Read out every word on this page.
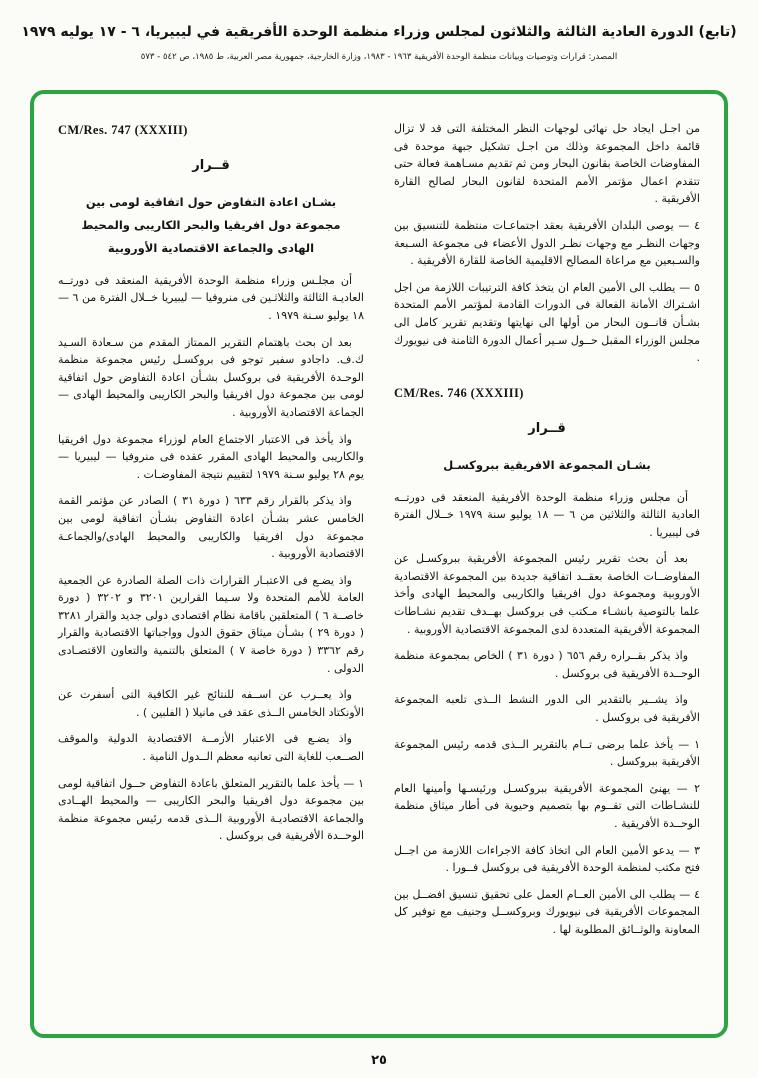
(تابع) الدورة العادية الثالثة والثلاثون لمجلس وزراء منظمة الوحدة الأفريقية في ليبيريا، ٦ - ١٧ يوليه ١٩٧٩
المصدر: قرارات وتوصيات وبيانات منظمة الوحدة الأفريقية ١٩٦٣ - ١٩٨٣، وزارة الخارجية، جمهورية مصر العربية، ط ١٩٨٥، ص ٥٤٢ - ٥٧٣

من اجـل ايجاد حل نهائى لوجهات النظر المختلفة التى قد لا تزال قائمة داخل المجموعة وذلك من اجـل تشكيل جبهة موحدة فى المفاوضات الخاصة بقانون البحار ومن ثم تقديم مسـاهمة فعالة حتى تتقدم اعمال مؤتمر الأمم المتحدة لقانون البحار لصالح القارة الأفريقية .

٤ — يوصى البلدان الأفريقية بعقد اجتماعـات منتظمة للتنسيق بين وجهات النظـر مع وجهات نظـر الدول الأعضاء فى مجموعة السـبعة والسـبعين مع مراعاة المصالح الاقليمية الخاصة للقارة الأفريقية .

٥ — يطلب الى الأمين العام ان يتخذ كافة الترتيبات اللازمة من اجل اشـتراك الأمانة الفعالة فى الدورات القادمة لمؤتمر الأمم المتحدة بشـأن قانــون البحار من أولها الى نهايتها وتقديم تقرير كامل الى مجلس الوزراء المقبل حــول سـير أعمال الدورة الثامنة فى نيويورك .

CM/Res. 746 (XXXIII)
قــرار
بشـان المجموعة الافريقية ببروكسـل

أن مجلس وزراء منظمة الوحدة الأفريقية المنعقد فى دورتــه العادية الثالثة والثلاثين من ٦ — ١٨ يوليو سنة ١٩٧٩ خــلال الفترة فى ليبيريا .

بعد أن بحث تقرير رئيس المجموعة الأفريقية ببروكسـل عن المفاوضــات الخاصة بعقــد اتفاقية جديدة بين المجموعة الاقتصادية الأوروبية ومجموعة دول افريقيا والكاريبى والمحيط الهادى وأخذ علما بالتوصية بانشـاء مـكتب فى بروكسل بهــدف تقديم نشـاطات المجموعة الأفريقية المتعددة لدى المجموعة الاقتصادية الأوروبية .

واذ يذكر بقــراره رقم ٦٥٦ ( دورة ٣١ ) الخاص بمجموعة منظمة الوحــدة الأفريقية فى بروكسل .

واذ يشــير بالتقدير الى الدور النشط الــذى تلعبه المجموعة الأفريقية فى بروكسل .

١ — يأخذ علما برضى تــام بالتقرير الــذى قدمه رئيس المجموعة الأفريقية ببروكسل .

٢ — يهنئ المجموعة الأفريقية ببروكسـل ورئيسـها وأمينها العام للنشـاطات التى تقــوم بها بتصميم وحيوية فى أطار ميثاق منظمة الوحــدة الأفريقية .

٣ — يدعو الأمين العام الى اتخاذ كافة الاجراءات اللازمة من اجــل فتح مكتب لمنظمة الوحدة الأفريقية فى بروكسل فــورا .

٤ — يطلب الى الأمين العــام العمل على تحقيق تنسيق افضــل بين المجموعات الأفريقية فى نيويورك وبروكســل وجنيف مع توفير كل المعاونة والوثــائق المطلوبة لها .

CM/Res. 747 (XXXIII)
قــرار
بشـان اعادة التفاوض حول اتفاقية لومى بين مجموعة دول افريقيا والبحر الكاريبى والمحيط الهادى والجماعة الاقتصادية الأوروبية

أن مجلـس وزراء منظمة الوحدة الأفريقية المنعقد فى دورتــه العاديـة الثالثة والثلاثـين فى منروفيا — ليبيريا خــلال الفترة من ٦ — ١٨ يوليو سـنة ١٩٧٩ .

بعد ان بحث باهتمام التقرير الممتاز المقدم من سـعادة السـيد ك.ف. داجادو سفير توجو فى بروكسـل رئيس مجموعة منظمة الوحـدة الأفريقية فى بروكسل بشـأن اعادة التفاوض حول اتفاقية لومى بين مجموعة دول افريقيا والبحر الكاريبى والمحيط الهادى — الجماعة الاقتصادية الأوروبية .

واذ يأخذ فى الاعتبار الاجتماع العام لوزراء مجموعة دول افريقيا والكاريبى والمحيط الهادى المقرر عقده فى منروفيا — ليبيريا — يوم ٢٨ يوليو سـنة ١٩٧٩ لتقييم نتيجة المفاوضـات .

واذ يذكر بالقرار رقم ٦٣٣ ( دورة ٣١ ) الصادر عن مؤتمر القمة الخامس عشر بشـأن اعادة التفاوض بشـأن اتفاقية لومى بين مجموعة دول افريقيا والكاريبى والمحيط الهادى/والجماعـة الاقتصادية الأوروبية .

واذ يضـع فى الاعتبـار القرارات ذات الصلة الصادرة عن الجمعية العامة للأمم المتحدة ولا سـيما القرارين ٣٢٠١ و ٣٢٠٢ ( دورة خاصــة ٦ ) المتعلقين باقامة نظام اقتصادى دولى جديد والقرار ٣٢٨١ ( دورة ٢٩ ) بشـأن ميثاق حقوق الدول وواجباتها الاقتصادية والقرار رقم ٣٣٦٢ ( دورة خاصة ٧ ) المتعلق بالتنمية والتعاون الاقتصـادى الدولى .

واذ يعــرب عن اســفه للنتائج غير الكافية التى أسفرت عن الأونكتاد الخامس الــذى عقد فى مانيلا ( الفلبين ) .

واذ يضـع فى الاعتبار الأزمــة الاقتصادية الدولية والموقف الصــعب للغاية التى تعانيه معظم الــدول النامية .

١ — يأخذ علما بالتقرير المتعلق باعادة التفاوض حــول اتفاقية لومى بين مجموعة دول افريقيا والبحر الكاريبى — والمحيط الهــادى والجماعة الاقتصاديـة الأوروبية الــذى قدمه رئيس مجموعة منظمة الوحــدة الأفريقية فى بروكسل .

٢٥
